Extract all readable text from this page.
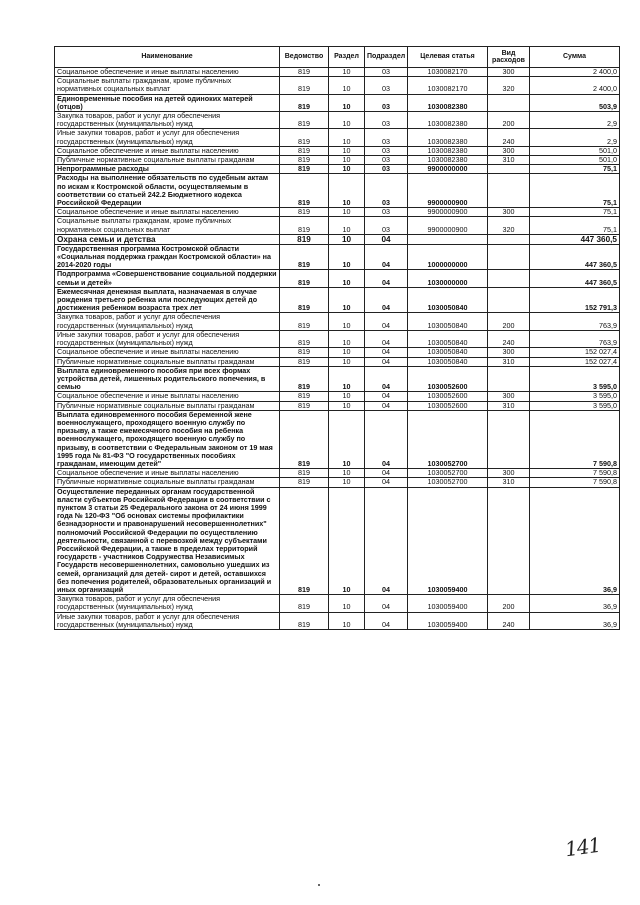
Наименование	Ведомство	Раздел	Подраздел	Целевая статья	Вид расходов	Сумма
Социальное обеспечение и иные выплаты населению	819	10	03	1030082170	300	2 400,0
Социальные выплаты гражданам, кроме публичных нормативных социальных выплат	819	10	03	1030082170	320	2 400,0
Единовременные пособия на детей одиноких матерей (отцов)	819	10	03	1030082380		503,9
Закупка товаров, работ и услуг для обеспечения государственных (муниципальных) нужд	819	10	03	1030082380	200	2,9
Иные закупки товаров, работ и услуг для обеспечения государственных (муниципальных) нужд	819	10	03	1030082380	240	2,9
Социальное обеспечение и иные выплаты населению	819	10	03	1030082380	300	501,0
Публичные нормативные социальные выплаты гражданам	819	10	03	1030082380	310	501,0
Непрограммные расходы	819	10	03	9900000000		75,1
Расходы на выполнение обязательств по судебным актам по искам к Костромской области, осуществляемым в соответствии со статьей 242.2 Бюджетного кодекса Российской Федерации	819	10	03	9900000900		75,1
Социальное обеспечение и иные выплаты населению	819	10	03	9900000900	300	75,1
Социальные выплаты гражданам, кроме публичных нормативных социальных выплат	819	10	03	9900000900	320	75,1
Охрана семьи и детства	819	10	04			447 360,5
Государственная программа Костромской области «Социальная поддержка граждан Костромской области» на 2014-2020 годы	819	10	04	1000000000		447 360,5
Подпрограмма «Совершенствование социальной поддержки семьи и детей»	819	10	04	1030000000		447 360,5
Ежемесячная денежная выплата, назначаемая в случае рождения третьего ребенка или последующих детей до достижения ребенком возраста трех лет	819	10	04	1030050840		152 791,3
Закупка товаров, работ и услуг для обеспечения государственных (муниципальных) нужд	819	10	04	1030050840	200	763,9
Иные закупки товаров, работ и услуг для обеспечения государственных (муниципальных) нужд	819	10	04	1030050840	240	763,9
Социальное обеспечение и иные выплаты населению	819	10	04	1030050840	300	152 027,4
Публичные нормативные социальные выплаты гражданам	819	10	04	1030050840	310	152 027,4
Выплата единовременного пособия при всех формах устройства детей, лишенных родительского попечения, в семью	819	10	04	1030052600		3 595,0
Социальное обеспечение и иные выплаты населению	819	10	04	1030052600	300	3 595,0
Публичные нормативные социальные выплаты гражданам	819	10	04	1030052600	310	3 595,0
Выплата единовременного пособия беременной жене военнослужащего, проходящего военную службу по призыву, а также ежемесячного пособия на ребенка военнослужащего, проходящего военную службу по призыву, в соответствии с Федеральным законом от 19 мая 1995 года № 81-ФЗ "О государственных пособиях гражданам, имеющим детей"	819	10	04	1030052700		7 590,8
Социальное обеспечение и иные выплаты населению	819	10	04	1030052700	300	7 590,8
Публичные нормативные социальные выплаты гражданам	819	10	04	1030052700	310	7 590,8
Осуществление переданных органам государственной власти субъектов Российской Федерации в соответствии с пунктом 3 статьи 25 Федерального закона от 24 июня 1999 года № 120-ФЗ "Об основах системы профилактики безнадзорности и правонарушений несовершеннолетних" полномочий Российской Федерации по осуществлению деятельности, связанной с перевозкой между субъектами Российской Федерации, а также в пределах территорий государств - участников Содружества Независимых Государств несовершеннолетних, самовольно ушедших из семей, организаций для детей- сирот и детей, оставшихся без попечения родителей, образовательных организаций и иных организаций	819	10	04	1030059400		36,9
Закупка товаров, работ и услуг для обеспечения государственных (муниципальных) нужд	819	10	04	1030059400	200	36,9
Иные закупки товаров, работ и услуг для обеспечения государственных (муниципальных) нужд	819	10	04	1030059400	240	36,9
141
